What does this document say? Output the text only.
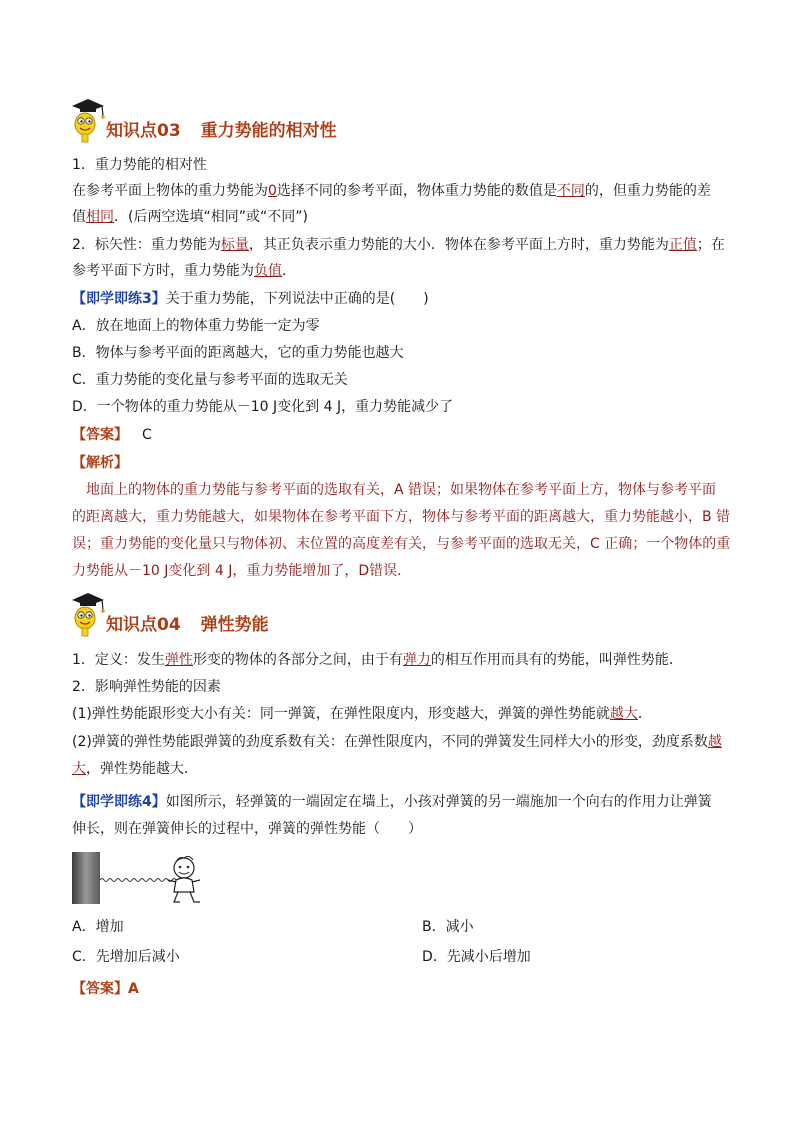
知识点03 重力势能的相对性
1．重力势能的相对性
在参考平面上物体的重力势能为0选择不同的参考平面，物体重力势能的数值是不同的，但重力势能的差
值相同．(后两空选填“相同”或“不同”)
2．标矢性：重力势能为标量，其正负表示重力势能的大小．物体在参考平面上方时，重力势能为正值；在
参考平面下方时，重力势能为负值．
【即学即练3】关于重力势能，下列说法中正确的是(　　)
A．放在地面上的物体重力势能一定为零
B．物体与参考平面的距离越大，它的重力势能也越大
C．重力势能的变化量与参考平面的选取无关
D．一个物体的重力势能从－10 J变化到 4 J，重力势能减少了
【答案】 C
【解析】
地面上的物体的重力势能与参考平面的选取有关，A 错误；如果物体在参考平面上方，物体与参考平面
的距离越大，重力势能越大，如果物体在参考平面下方，物体与参考平面的距离越大，重力势能越小，B 错
误；重力势能的变化量只与物体初、末位置的高度差有关，与参考平面的选取无关，C 正确；一个物体的重
力势能从－10 J变化到 4 J，重力势能增加了，D错误．
知识点04 弹性势能
1．定义：发生弹性形变的物体的各部分之间，由于有弹力的相互作用而具有的势能，叫弹性势能．
2．影响弹性势能的因素
(1)弹性势能跟形变大小有关：同一弹簧，在弹性限度内，形变越大，弹簧的弹性势能就越大．
(2)弹簧的弹性势能跟弹簧的劲度系数有关：在弹性限度内，不同的弹簧发生同样大小的形变，劲度系数越
大，弹性势能越大．
【即学即练4】如图所示，轻弹簧的一端固定在墙上，小孩对弹簧的另一端施加一个向右的作用力让弹簧
伸长，则在弹簧伸长的过程中，弹簧的弹性势能（　　）
A．增加	B．减小
C．先增加后减小	D．先减小后增加
【答案】A
